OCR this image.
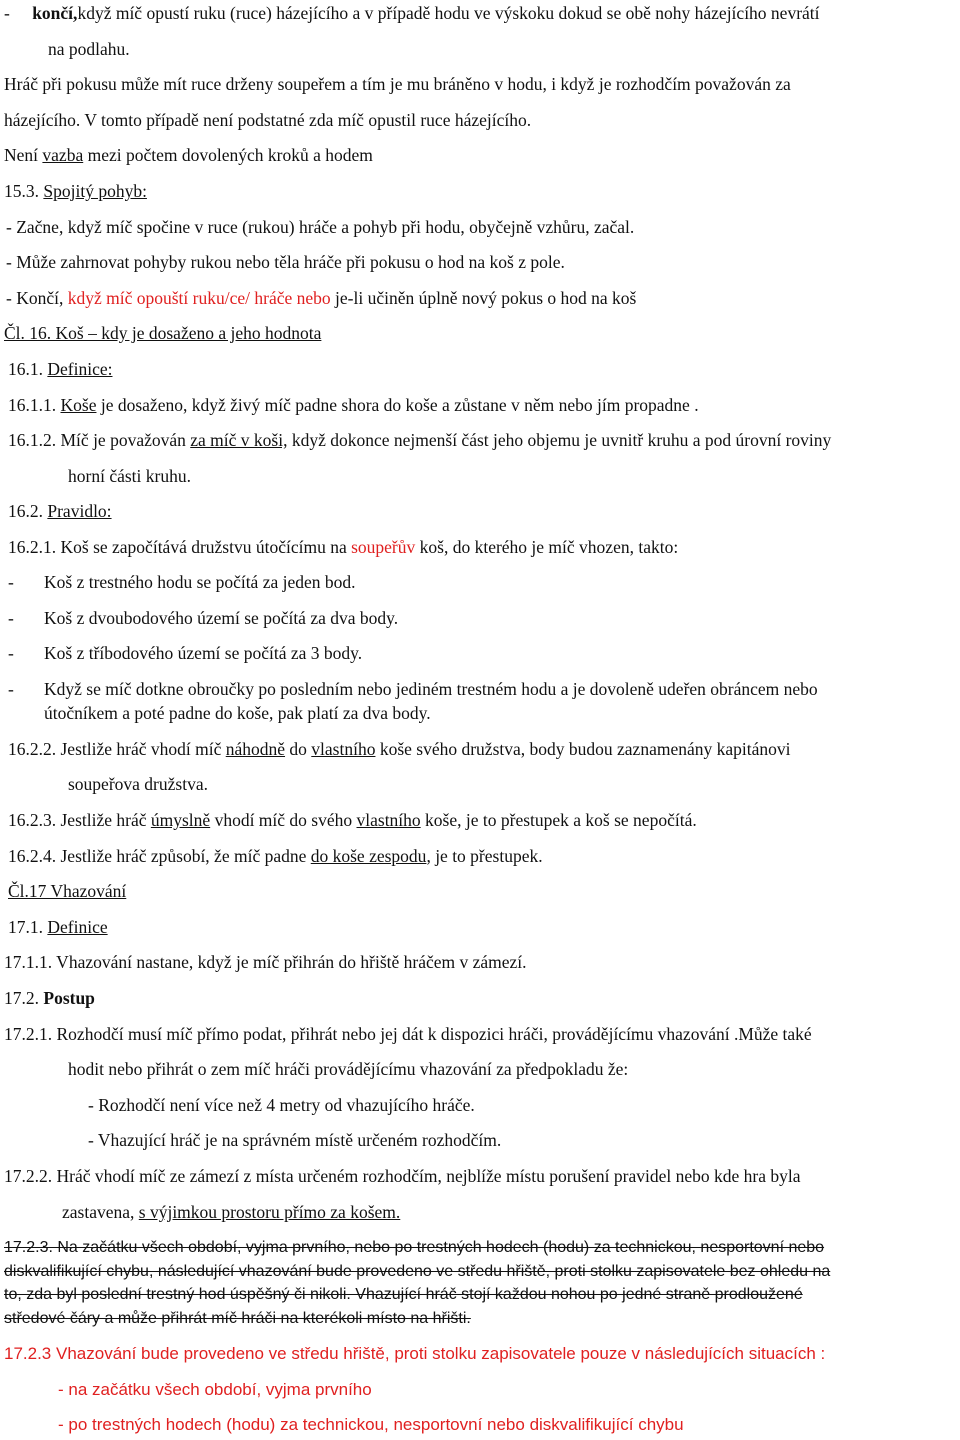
- končí,když míč opustí ruku (ruce) házejícího a v případě hodu ve výskoku dokud se obě nohy házejícího nevrátí
na podlahu.
Hráč při pokusu může mít ruce drženy soupeřem a tím je mu bráněno v hodu, i když je rozhodčím považován za
házejícího. V tomto případě není podstatné zda míč opustil ruce házejícího.
Není vazba mezi počtem dovolených kroků a hodem
15.3. Spojitý pohyb:
- Začne, když míč spočine v ruce (rukou) hráče a pohyb při hodu, obyčejně vzhůru, začal.
- Může zahrnovat pohyby rukou nebo těla hráče při pokusu o hod na koš z pole.
- Končí, když míč opouští ruku/ce/ hráče nebo je-li učiněn úplně nový pokus o hod na koš
Čl. 16. Koš – kdy je dosaženo a jeho hodnota
16.1. Definice:
16.1.1. Koše je dosaženo, když živý míč padne shora do koše a zůstane v něm nebo jím propadne .
16.1.2. Míč je považován za míč v koši, když dokonce nejmenší část jeho objemu je uvnitř kruhu a pod úrovní roviny
horní části kruhu.
16.2. Pravidlo:
16.2.1. Koš se započítává družstvu útočícímu na soupeřův koš, do kterého je míč vhozen, takto:
- Koš z trestného hodu se počítá za jeden bod.
- Koš z dvoubodového území se počítá za dva body.
- Koš z tříbodového území se počítá za 3 body.
- Když se míč dotkne obroučky po posledním nebo jediném trestném hodu a je dovoleně udeřen obráncem nebo
útočníkem a poté padne do koše, pak platí za dva body.
16.2.2. Jestliže hráč vhodí míč náhodně do vlastního koše svého družstva, body budou zaznamenány kapitánovi
soupeřova družstva.
16.2.3. Jestliže hráč úmyslně vhodí míč do svého vlastního koše, je to přestupek a koš se nepočítá.
16.2.4. Jestliže hráč způsobí, že míč padne do koše zespodu, je to přestupek.
Čl.17 Vhazování
17.1. Definice
17.1.1. Vhazování nastane, když je míč přihrán do hřiště hráčem v zámezí.
17.2. Postup
17.2.1. Rozhodčí musí míč přímo podat, přihrát nebo jej dát k dispozici hráči, provádějícímu vhazování .Může také
hodit nebo přihrát o zem míč hráči provádějícímu vhazování za předpokladu že:
- Rozhodčí není více než 4 metry od vhazujícího hráče.
- Vhazující hráč je na správném místě určeném rozhodčím.
17.2.2. Hráč vhodí míč ze zámezí z místa určeném rozhodčím, nejblíže místu porušení pravidel nebo kde hra byla
zastavena, s výjimkou prostoru přímo za košem.
17.2.3. Na začátku všech období, vyjma prvního, nebo po trestných hodech (hodu) za technickou, nesportovní nebo
diskvalifikující chybu, následující vhazování bude provedeno ve středu hřiště, proti stolku zapisovatele bez ohledu na
to, zda byl poslední trestný hod úspěšný či nikoli. Vhazující hráč stojí každou nohou po jedné straně prodloužené
středové čáry a může přihrát míč hráči na kterékoli místo na hřišti.
17.2.3 Vhazování bude provedeno ve středu hřiště, proti stolku zapisovatele pouze v následujících situacích :
- na začátku všech období, vyjma prvního
- po trestných hodech (hodu) za technickou, nesportovní nebo diskvalifikující chybu
